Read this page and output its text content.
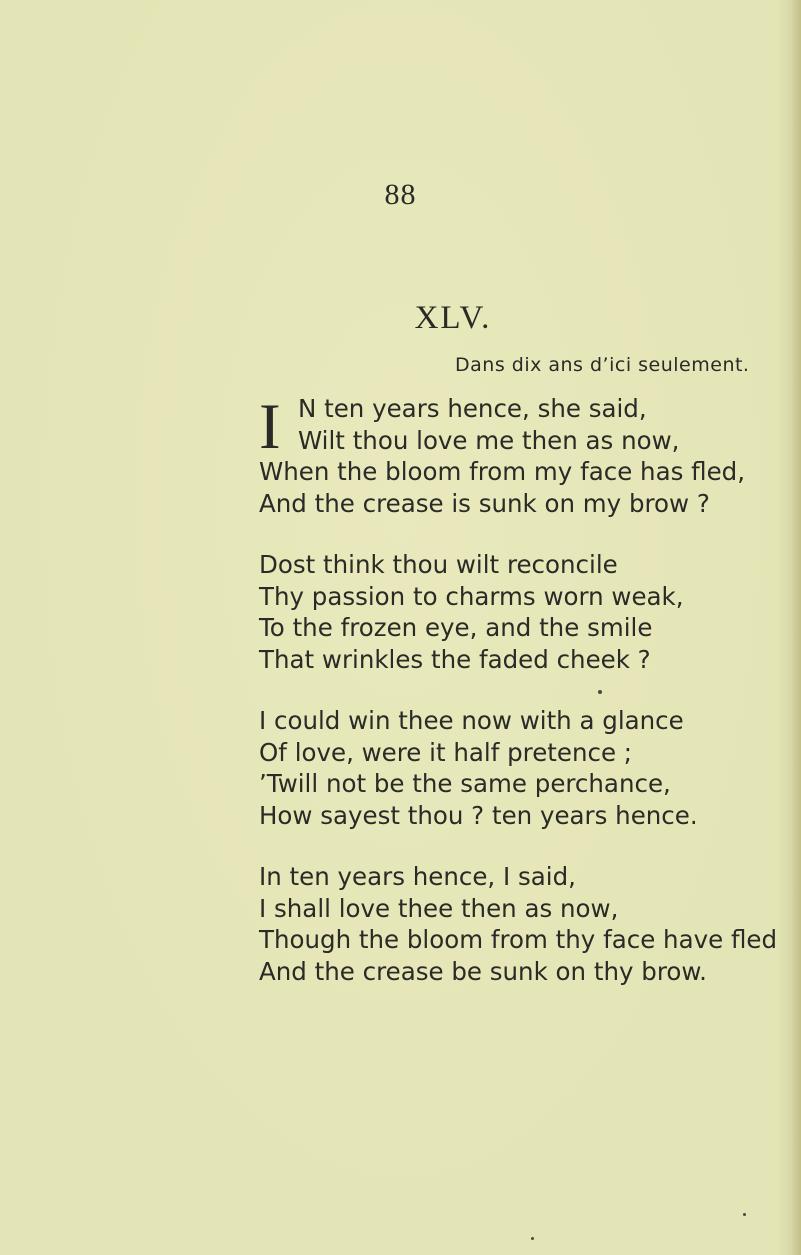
88
XLV.
Dans dix ans d’ici seulement.
I N ten years hence, she said,
Wilt thou love me then as now,
When the bloom from my face has fled,
And the crease is sunk on my brow ?
Dost think thou wilt reconcile
Thy passion to charms worn weak,
To the frozen eye, and the smile
That wrinkles the faded cheek ?
I could win thee now with a glance
Of love, were it half pretence ;
’Twill not be the same perchance,
How sayest thou ? ten years hence.
In ten years hence, I said,
I shall love thee then as now,
Though the bloom from thy face have fled
And the crease be sunk on thy brow.
